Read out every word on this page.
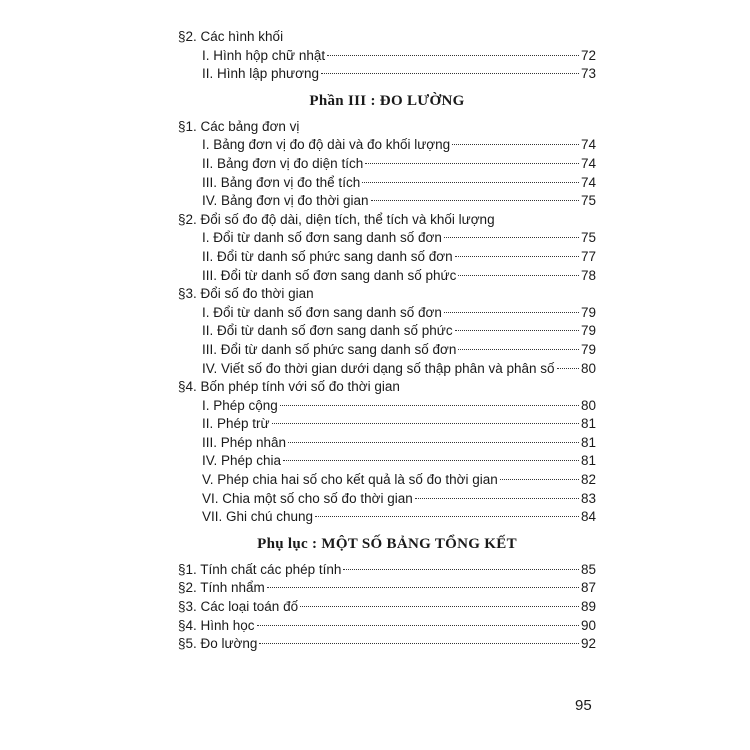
§2. Các hình khối
I. Hình hộp chữ nhật	72
II. Hình lập phương	73
Phần III : ĐO LƯỜNG
§1. Các bảng đơn vị
I. Bảng đơn vị đo độ dài và đo khối lượng	74
II. Bảng đơn vị đo diện tích	74
III. Bảng đơn vị đo thể tích	74
IV. Bảng đơn vị đo thời gian	75
§2. Đổi số đo độ dài, diện tích, thể tích và khối lượng
I. Đổi từ danh số đơn sang danh số đơn	75
II. Đổi từ danh số phức sang danh số đơn	77
III. Đổi từ danh số đơn sang danh số phức	78
§3. Đổi số đo thời gian
I. Đổi từ danh số đơn sang danh số đơn	79
II. Đổi từ danh số đơn sang danh số phức	79
III. Đổi từ danh số phức sang danh số đơn	79
IV. Viết số đo thời gian dưới dạng số thập phân và phân số 80
§4. Bốn phép tính với số đo thời gian
I. Phép cộng	80
II. Phép trừ	81
III. Phép nhân	81
IV. Phép chia	81
V. Phép chia hai số cho kết quả là số đo thời gian	82
VI. Chia một số cho số đo thời gian	83
VII. Ghi chú chung	84
Phụ lục : MỘT SỐ BẢNG TỔNG KẾT
§1. Tính chất các phép tính	85
§2. Tính nhẩm	87
§3. Các loại toán đố	89
§4. Hình học	90
§5. Đo lường	92
95
